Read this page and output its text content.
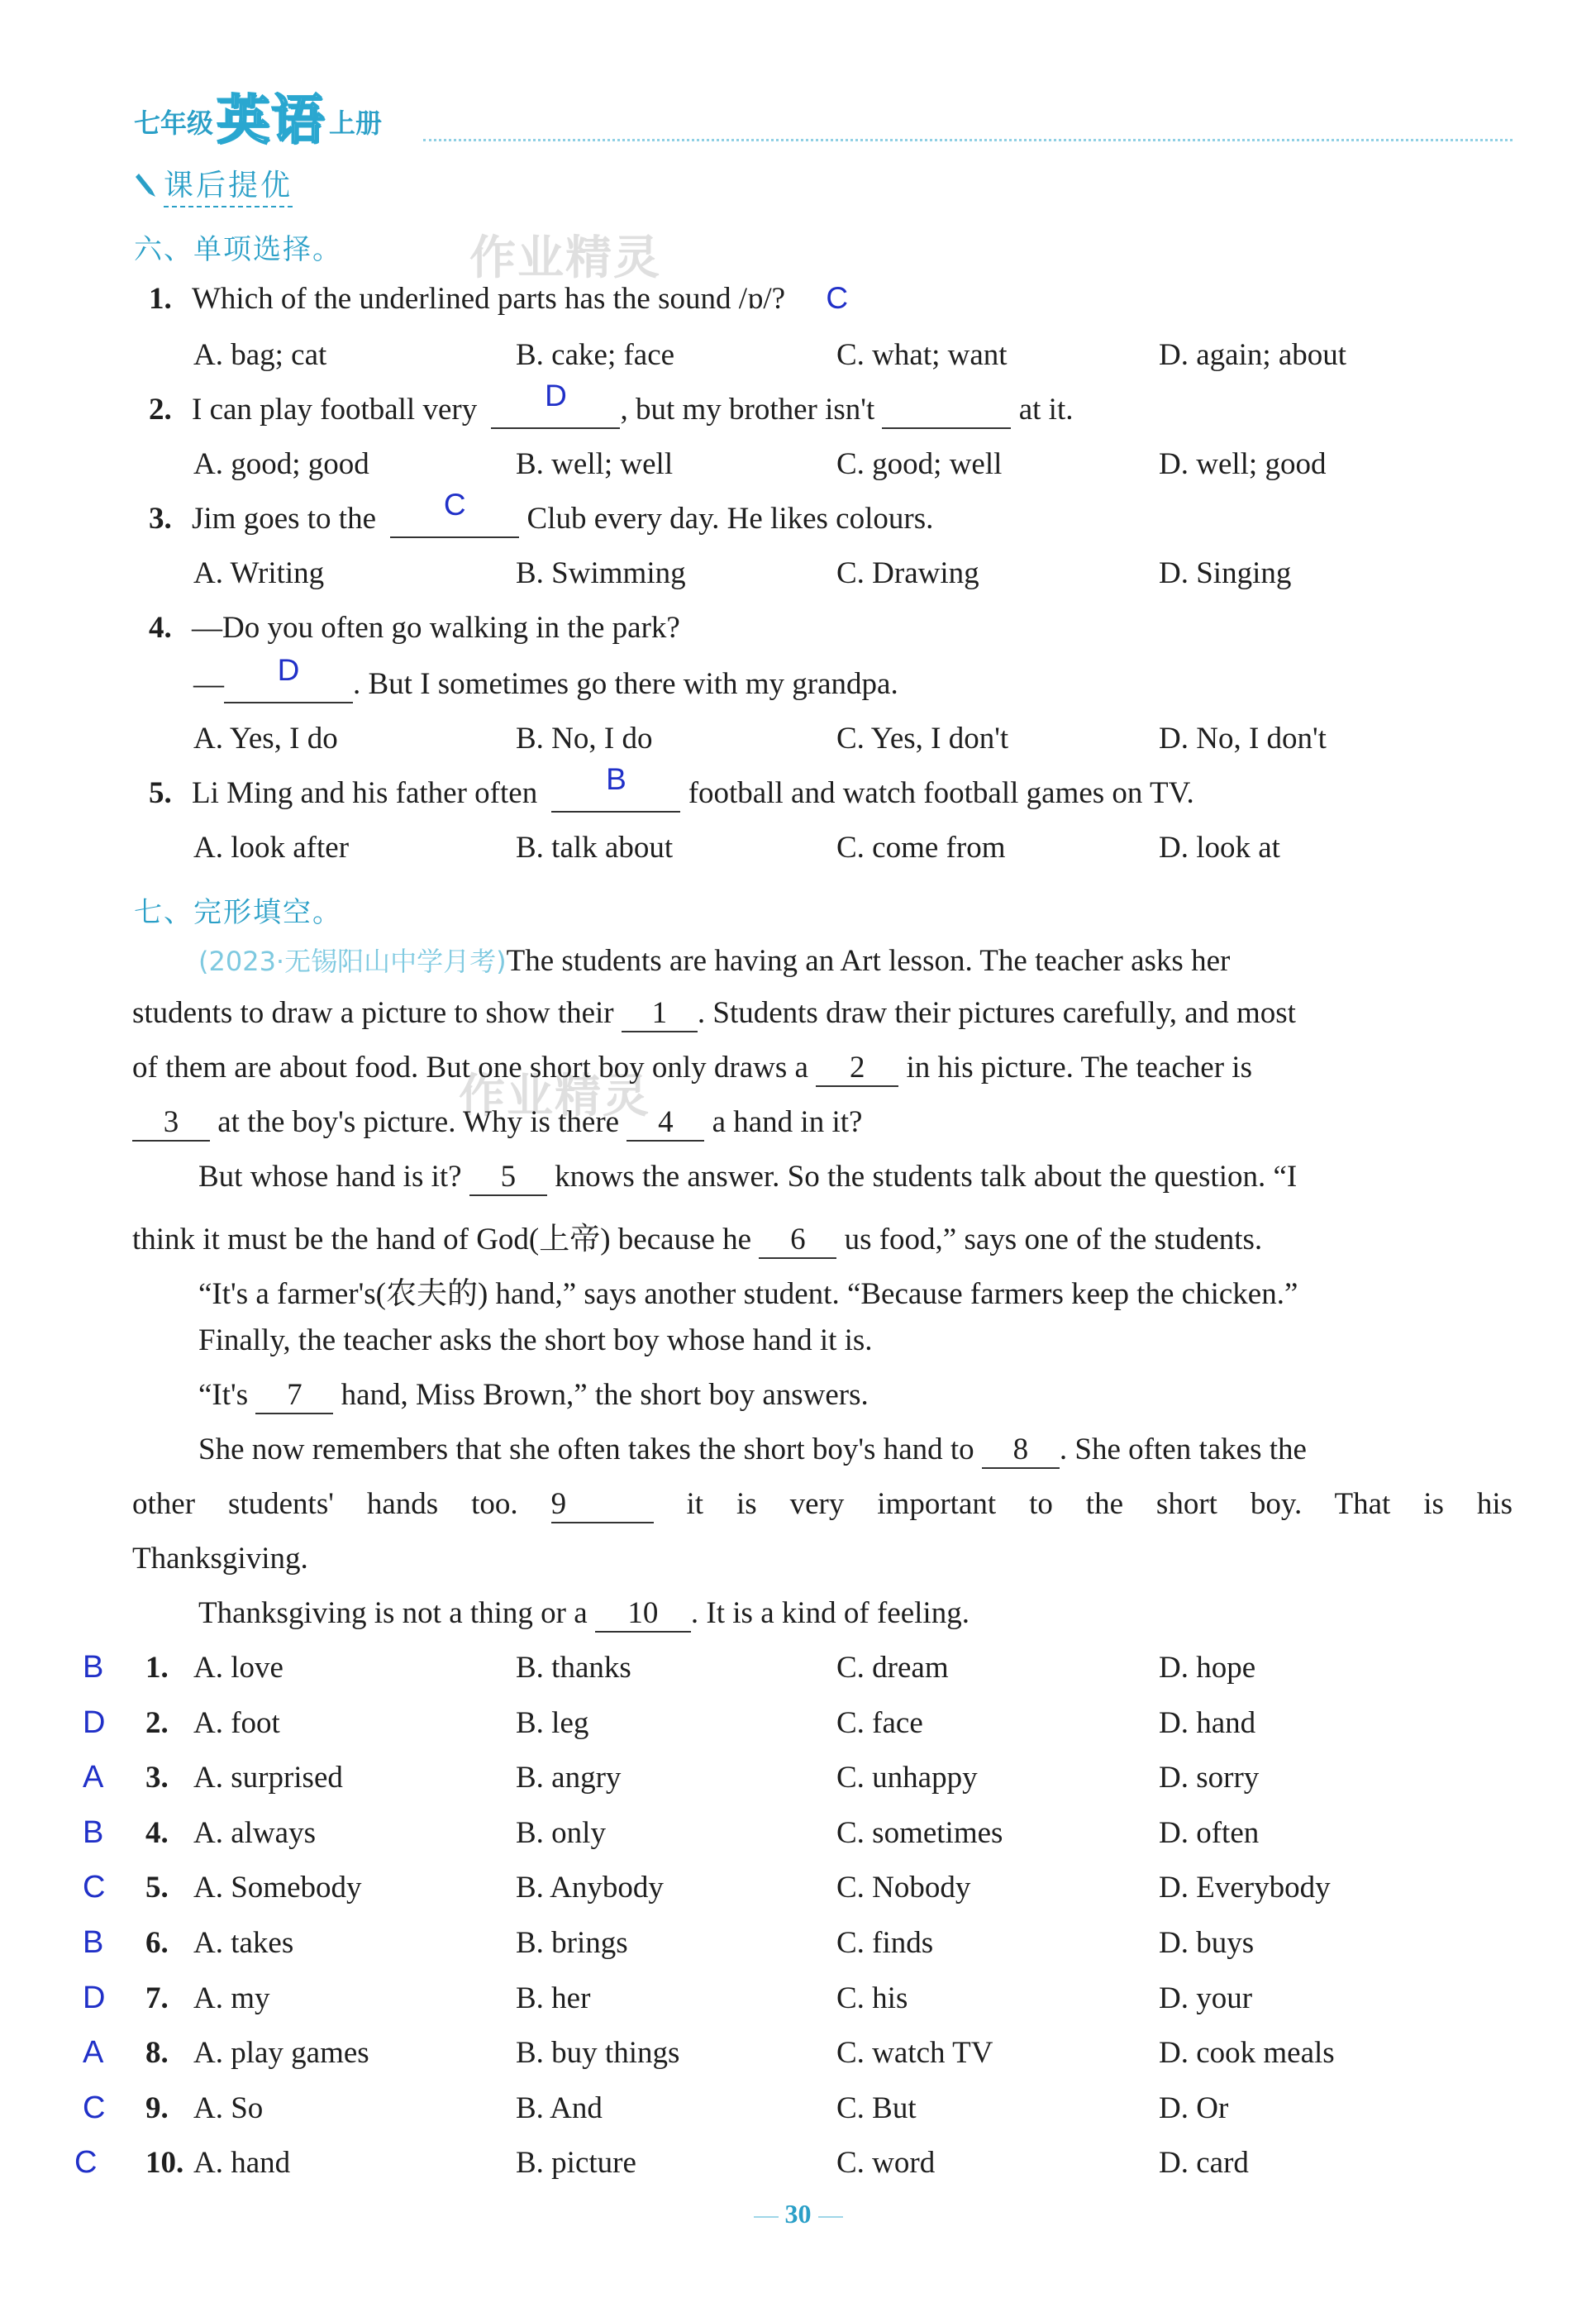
七年级 英语 上册
课后提优
作业精灵
作业精灵
六、单项选择。
1. Which of the underlined parts has the sound /ɒ/? C
A. bag; cat	B. cake; face	C. what; want	D. again; about
2. I can play football very	D	, but my brother isn't	at it.
A. good; good	B. well; well	C. good; well	D. well; good
3. Jim goes to the	C	Club every day. He likes colours.
A. Writing	B. Swimming	C. Drawing	D. Singing
4. —Do you often go walking in the park?
—	D	. But I sometimes go there with my grandpa.
A. Yes, I do	B. No, I do	C. Yes, I don't	D. No, I don't
5. Li Ming and his father often	B	football and watch football games on TV.
A. look after	B. talk about	C. come from	D. look at
七、完形填空。
(2023·无锡阳山中学月考)The students are having an Art lesson. The teacher asks her
students to draw a picture to show their 1 . Students draw their pictures carefully, and most
of them are about food. But one short boy only draws a 2 in his picture. The teacher is
3 at the boy's picture. Why is there 4 a hand in it?
But whose hand is it? 5 knows the answer. So the students talk about the question. “I
think it must be the hand of God(上帝) because he 6 us food,” says one of the students.
“It's a farmer's(农夫的) hand,” says another student. “Because farmers keep the chicken.”
Finally, the teacher asks the short boy whose hand it is.
“It's 7 hand, Miss Brown,” the short boy answers.
She now remembers that she often takes the short boy's hand to 8 . She often takes the
other students' hands too. 9	it is very important to the short boy. That is his
Thanksgiving.
Thanksgiving is not a thing or a 10 . It is a kind of feeling.
B 1. A. love	B. thanks	C. dream	D. hope
D 2. A. foot	B. leg	C. face	D. hand
A 3. A. surprised	B. angry	C. unhappy	D. sorry
B 4. A. always	B. only	C. sometimes	D. often
C 5. A. Somebody	B. Anybody	C. Nobody	D. Everybody
B 6. A. takes	B. brings	C. finds	D. buys
D 7. A. my	B. her	C. his	D. your
A 8. A. play games	B. buy things	C. watch TV	D. cook meals
C 9. A. So	B. And	C. But	D. Or
C 10. A. hand	B. picture	C. word	D. card
30
